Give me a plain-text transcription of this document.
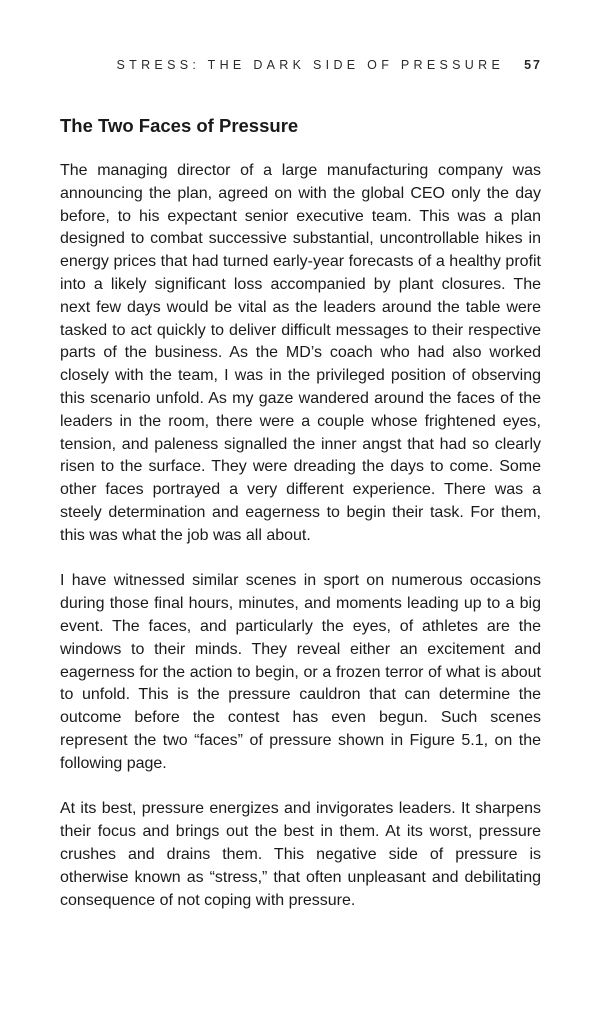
STRESS: THE DARK SIDE OF PRESSURE 57
The Two Faces of Pressure

The managing director of a large manufacturing company was announcing the plan, agreed on with the global CEO only the day before, to his expectant senior executive team. This was a plan designed to combat successive substantial, uncontrollable hikes in energy prices that had turned early-year forecasts of a healthy profit into a likely significant loss accompanied by plant closures. The next few days would be vital as the leaders around the table were tasked to act quickly to deliver difficult messages to their respective parts of the business. As the MD’s coach who had also worked closely with the team, I was in the privileged position of observing this scenario unfold. As my gaze wandered around the faces of the leaders in the room, there were a couple whose frightened eyes, tension, and paleness signalled the inner angst that had so clearly risen to the surface. They were dreading the days to come. Some other faces portrayed a very different experience. There was a steely determination and eagerness to begin their task. For them, this was what the job was all about.

I have witnessed similar scenes in sport on numerous occasions during those final hours, minutes, and moments leading up to a big event. The faces, and particularly the eyes, of athletes are the windows to their minds. They reveal either an excitement and eagerness for the action to begin, or a frozen terror of what is about to unfold. This is the pressure cauldron that can determine the outcome before the contest has even begun. Such scenes represent the two “faces” of pressure shown in Figure 5.1, on the following page.

At its best, pressure energizes and invigorates leaders. It sharpens their focus and brings out the best in them. At its worst, pressure crushes and drains them. This negative side of pressure is otherwise known as “stress,” that often unpleasant and debilitating consequence of not coping with pressure.
